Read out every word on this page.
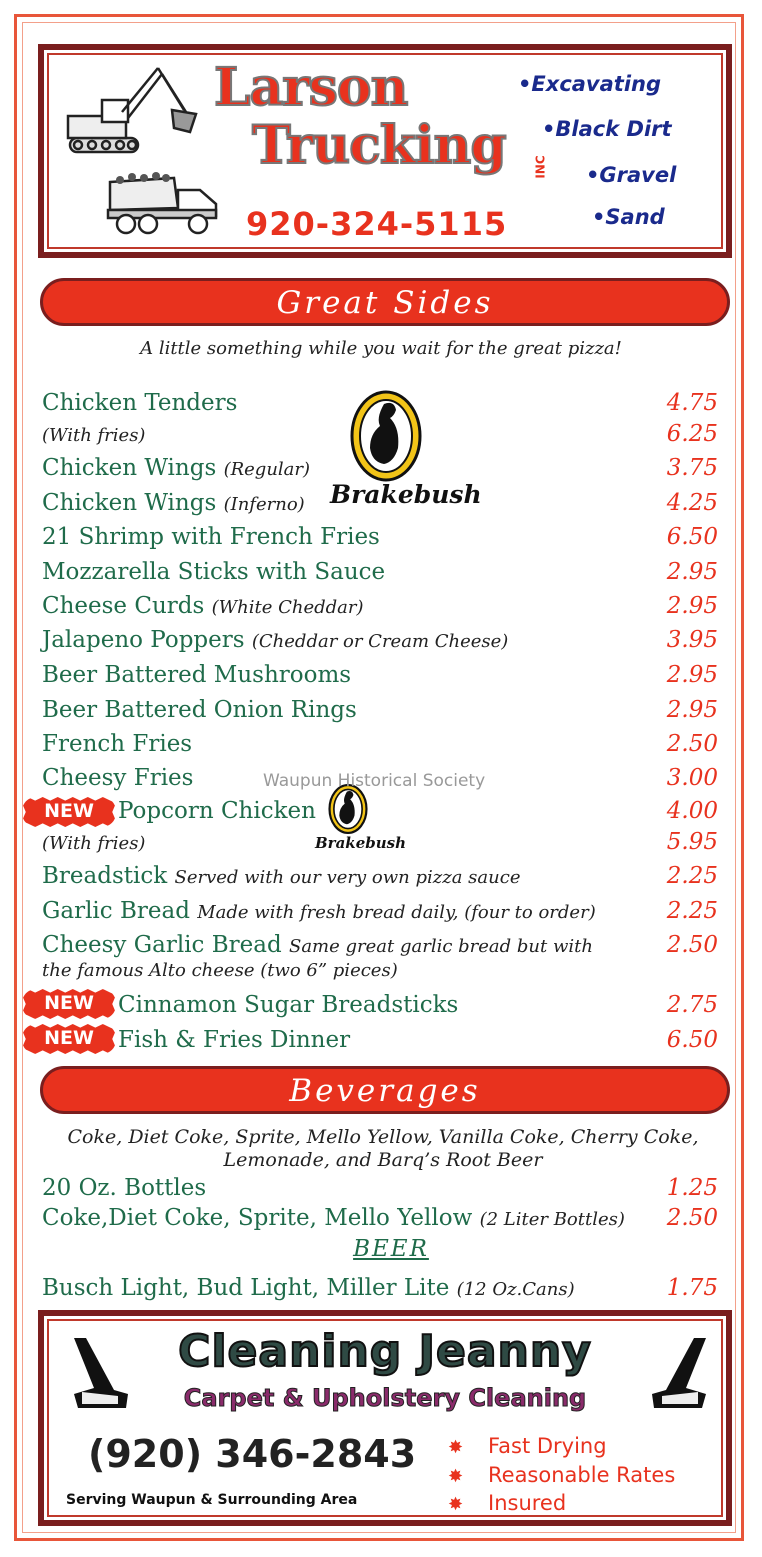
Larson
Trucking INC
920-324-5115
•Excavating
•Black Dirt
•Gravel
•Sand
Great Sides
A little something while you wait for the great pizza!
Chicken Tenders	4.75
(With fries)	6.25
Chicken Wings (Regular)	3.75
Chicken Wings (Inferno)	4.25
21 Shrimp with French Fries	6.50
Mozzarella Sticks with Sauce	2.95
Cheese Curds (White Cheddar)	2.95
Jalapeno Poppers (Cheddar or Cream Cheese)	3.95
Beer Battered Mushrooms	2.95
Beer Battered Onion Rings	2.95
French Fries	2.50
Cheesy Fries	3.00
NEW	Popcorn Chicken	4.00
(With fries)	5.95
Breadstick Served with our very own pizza sauce	2.25
Garlic Bread Made with fresh bread daily, (four to order)	2.25
Cheesy Garlic Bread Same great garlic bread but with	2.50
the famous Alto cheese (two 6” pieces)
NEW	Cinnamon Sugar Breadsticks	2.75
NEW	Fish & Fries Dinner	6.50
Brakebush
Brakebush
Waupun Historical Society
Beverages
Coke, Diet Coke, Sprite, Mello Yellow, Vanilla Coke, Cherry Coke, Lemonade, and Barq’s Root Beer
20 Oz. Bottles	1.25
Coke,Diet Coke, Sprite, Mello Yellow (2 Liter Bottles) 2.50
BEER
Busch Light, Bud Light, Miller Lite (12 Oz.Cans)	1.75
Cleaning Jeanny
Carpet & Upholstery Cleaning
(920) 346-2843
Serving Waupun & Surrounding Area
✸ Fast Drying
✸ Reasonable Rates
✸ Insured
